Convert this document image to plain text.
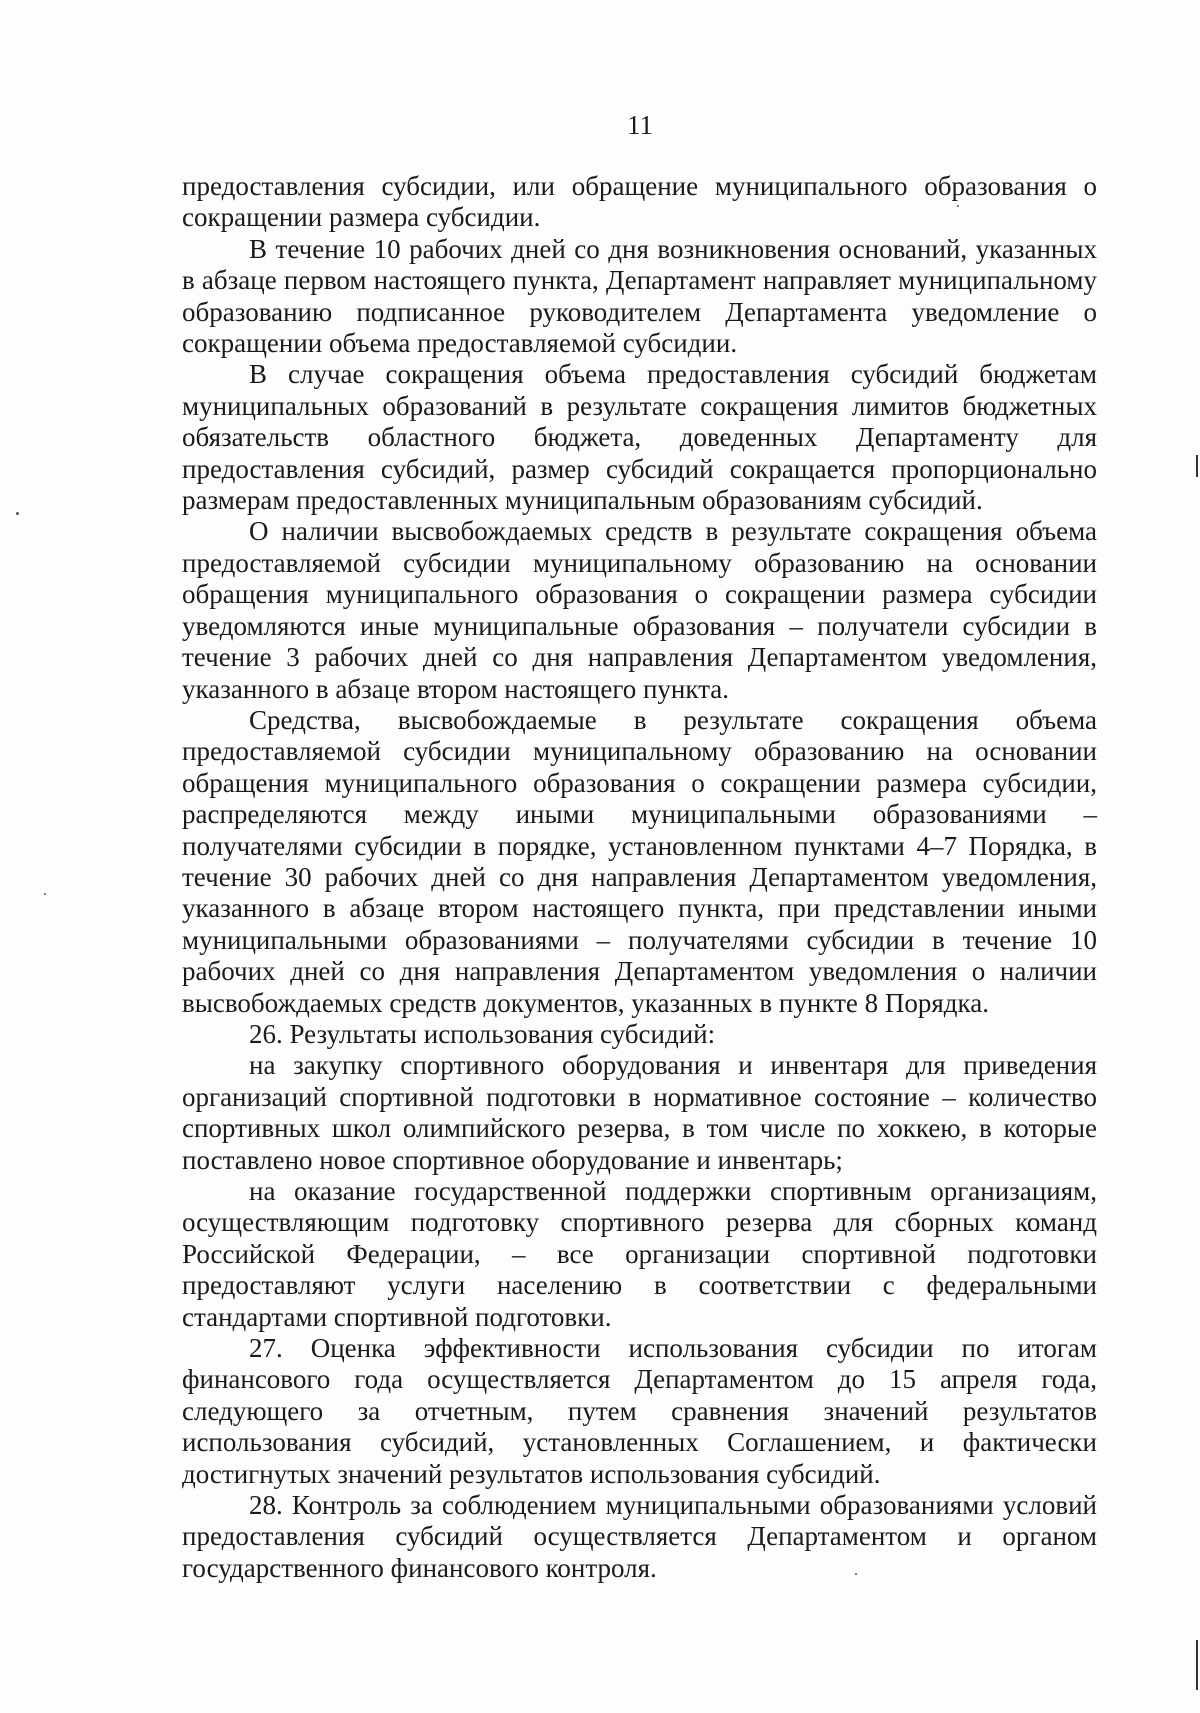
11

предоставления субсидии, или обращение муниципального образования о сокращении размера субсидии.

В течение 10 рабочих дней со дня возникновения оснований, указанных в абзаце первом настоящего пункта, Департамент направляет муниципальному образованию подписанное руководителем Департамента уведомление о сокращении объема предоставляемой субсидии.

В случае сокращения объема предоставления субсидий бюджетам муниципальных образований в результате сокращения лимитов бюджетных обязательств областного бюджета, доведенных Департаменту для предоставления субсидий, размер субсидий сокращается пропорционально размерам предоставленных муниципальным образованиям субсидий.

О наличии высвобождаемых средств в результате сокращения объема предоставляемой субсидии муниципальному образованию на основании обращения муниципального образования о сокращении размера субсидии уведомляются иные муниципальные образования – получатели субсидии в течение 3 рабочих дней со дня направления Департаментом уведомления, указанного в абзаце втором настоящего пункта.

Средства, высвобождаемые в результате сокращения объема предоставляемой субсидии муниципальному образованию на основании обращения муниципального образования о сокращении размера субсидии, распределяются между иными муниципальными образованиями – получателями субсидии в порядке, установленном пунктами 4–7 Порядка, в течение 30 рабочих дней со дня направления Департаментом уведомления, указанного в абзаце втором настоящего пункта, при представлении иными муниципальными образованиями – получателями субсидии в течение 10 рабочих дней со дня направления Департаментом уведомления о наличии высвобождаемых средств документов, указанных в пункте 8 Порядка.

26. Результаты использования субсидий:

на закупку спортивного оборудования и инвентаря для приведения организаций спортивной подготовки в нормативное состояние – количество спортивных школ олимпийского резерва, в том числе по хоккею, в которые поставлено новое спортивное оборудование и инвентарь;

на оказание государственной поддержки спортивным организациям, осуществляющим подготовку спортивного резерва для сборных команд Российской Федерации, – все организации спортивной подготовки предоставляют услуги населению в соответствии с федеральными стандартами спортивной подготовки.

27. Оценка эффективности использования субсидии по итогам финансового года осуществляется Департаментом до 15 апреля года, следующего за отчетным, путем сравнения значений результатов использования субсидий, установленных Соглашением, и фактически достигнутых значений результатов использования субсидий.

28. Контроль за соблюдением муниципальными образованиями условий предоставления субсидий осуществляется Департаментом и органом государственного финансового контроля.
